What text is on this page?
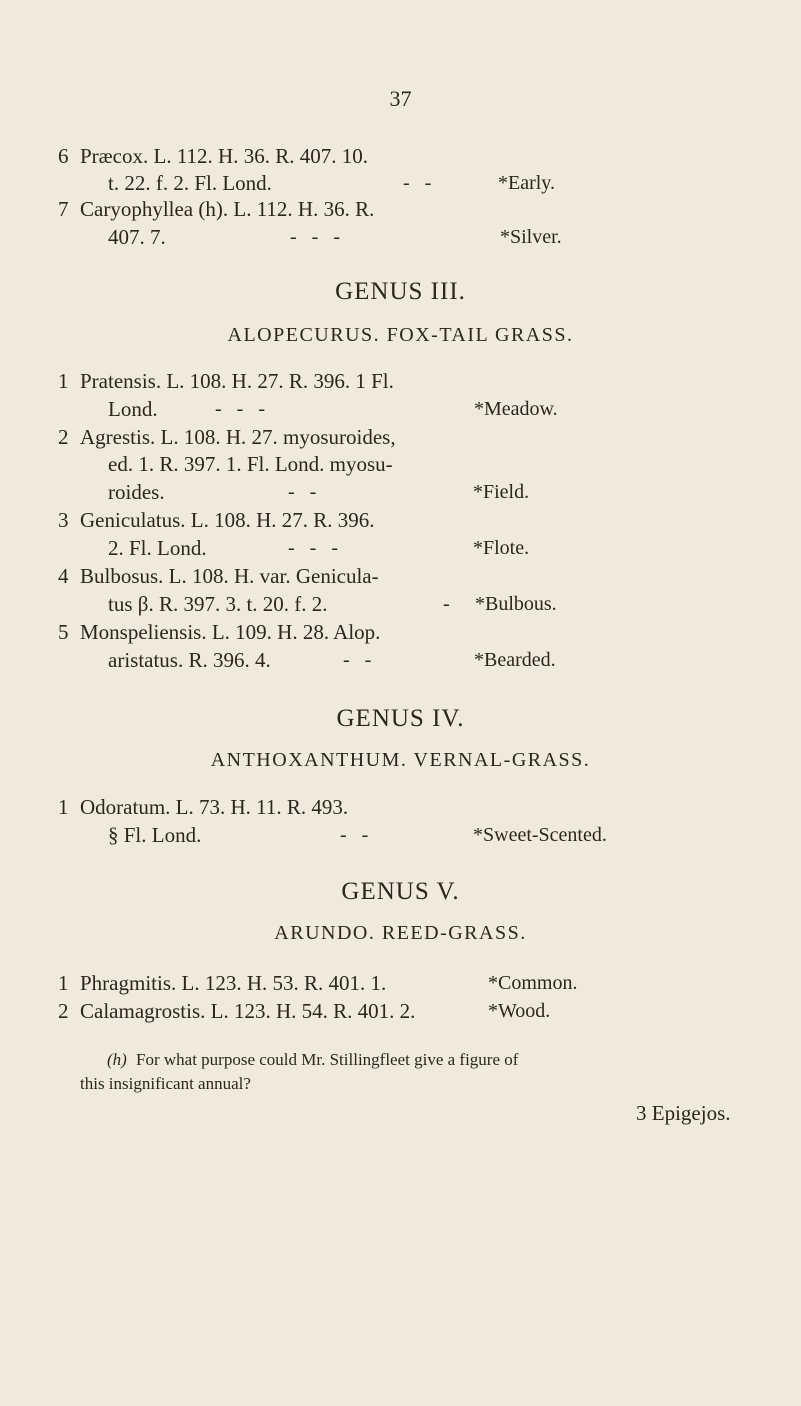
37
6 Præcox. L. 112. H. 36. R. 407. 10.
t. 22. f. 2. Fl. Lond.	-   -	*Early.
7 Caryophyllea (h). L. 112. H. 36. R.
407. 7.	-   -   -	*Silver.
GENUS III.
ALOPECURUS. FOX-TAIL GRASS.
1 Pratensis. L. 108. H. 27. R. 396. 1 Fl.
Lond.	-   -   -	*Meadow.
2 Agrestis. L. 108. H. 27. myosuroides,
ed. 1. R. 397. 1. Fl. Lond. myosu-
roides.	-   -	*Field.
3 Geniculatus. L. 108. H. 27. R. 396.
2. Fl. Lond.	-   -   -	*Flote.
4 Bulbosus. L. 108. H. var. Genicula-
tus β. R. 397. 3. t. 20. f. 2.	- *Bulbous.
5 Monspeliensis. L. 109. H. 28. Alop.
aristatus. R. 396. 4.	-   -	*Bearded.
GENUS IV.
ANTHOXANTHUM. VERNAL-GRASS.
1 Odoratum. L. 73. H. 11. R. 493.
§ Fl. Lond.	-   -	*Sweet-Scented.
GENUS V.
ARUNDO. REED-GRASS.
1 Phragmitis. L. 123. H. 53. R. 401. 1.	*Common.
2 Calamagrostis. L. 123. H. 54. R. 401. 2.	*Wood.
(h) For what purpose could Mr. Stillingfleet give a figure of
this insignificant annual?
3 Epigejos.
